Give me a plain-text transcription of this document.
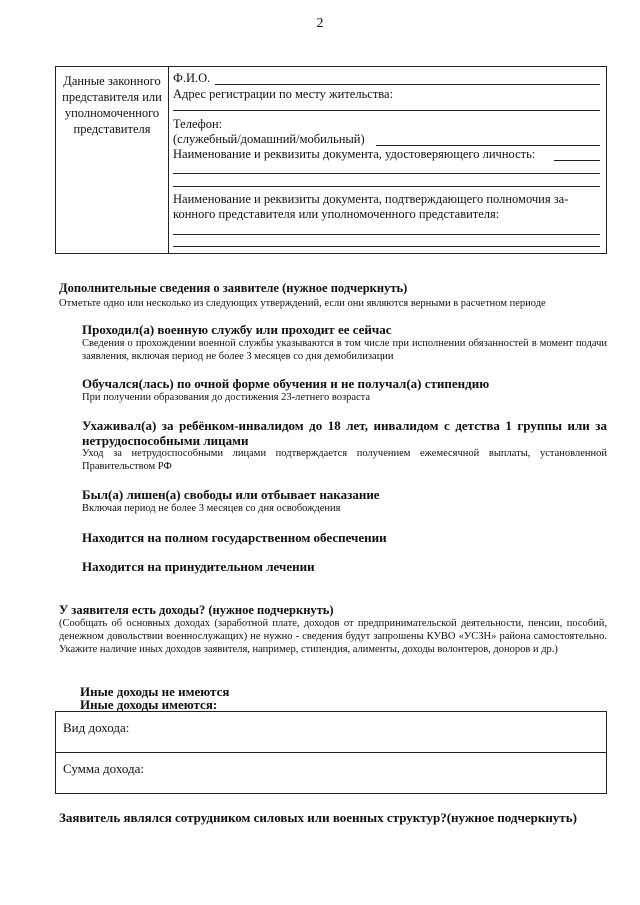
2
Данные законного представителя или уполномоченного представителя
Ф.И.О.
Адрес регистрации по месту жительства:
Телефон:
(служебный/домашний/мобильный)
Наименование и реквизиты документа, удостоверяющего личность:
Наименование и реквизиты документа, подтверждающего полномочия за-
конного представителя или уполномоченного представителя:
Дополнительные сведения о заявителе (нужное подчеркнуть)
Отметьте одно или несколько из следующих утверждений, если они являются верными в расчетном периоде
Проходил(а) военную службу или проходит ее сейчас
Сведения о прохождении военной службы указываются в том числе при исполнении обязанностей в момент подачи заявления, включая период не более 3 месяцев со дня демобилизации
Обучался(лась) по очной форме обучения и не получал(а) стипендию
При получении образования до достижения 23-летнего возраста
Ухаживал(а) за ребёнком-инвалидом до 18 лет, инвалидом с детства 1 группы или за нетрудоспособными лицами
Уход за нетрудоспособными лицами подтверждается получением ежемесячной выплаты, установленной Правительством РФ
Был(а) лишен(а) свободы или отбывает наказание
Включая период не более 3 месяцев со дня освобождения
Находится на полном государственном обеспечении
Находится на принудительном лечении
У заявителя есть доходы? (нужное подчеркнуть)
(Сообщать об основных доходах (заработной плате, доходов от предпринимательской деятельности, пенсии, пособий, денежном довольствии военнослужащих) не нужно - сведения будут запрошены КУВО «УСЗН» района самостоятельно. Укажите наличие иных доходов заявителя, например, стипендия, алименты, доходы волонтеров, доноров и др.)
Иные доходы не имеются
Иные доходы имеются:
Вид дохода:
Сумма дохода:
Заявитель являлся сотрудником силовых или военных структур?(нужное подчеркнуть)
